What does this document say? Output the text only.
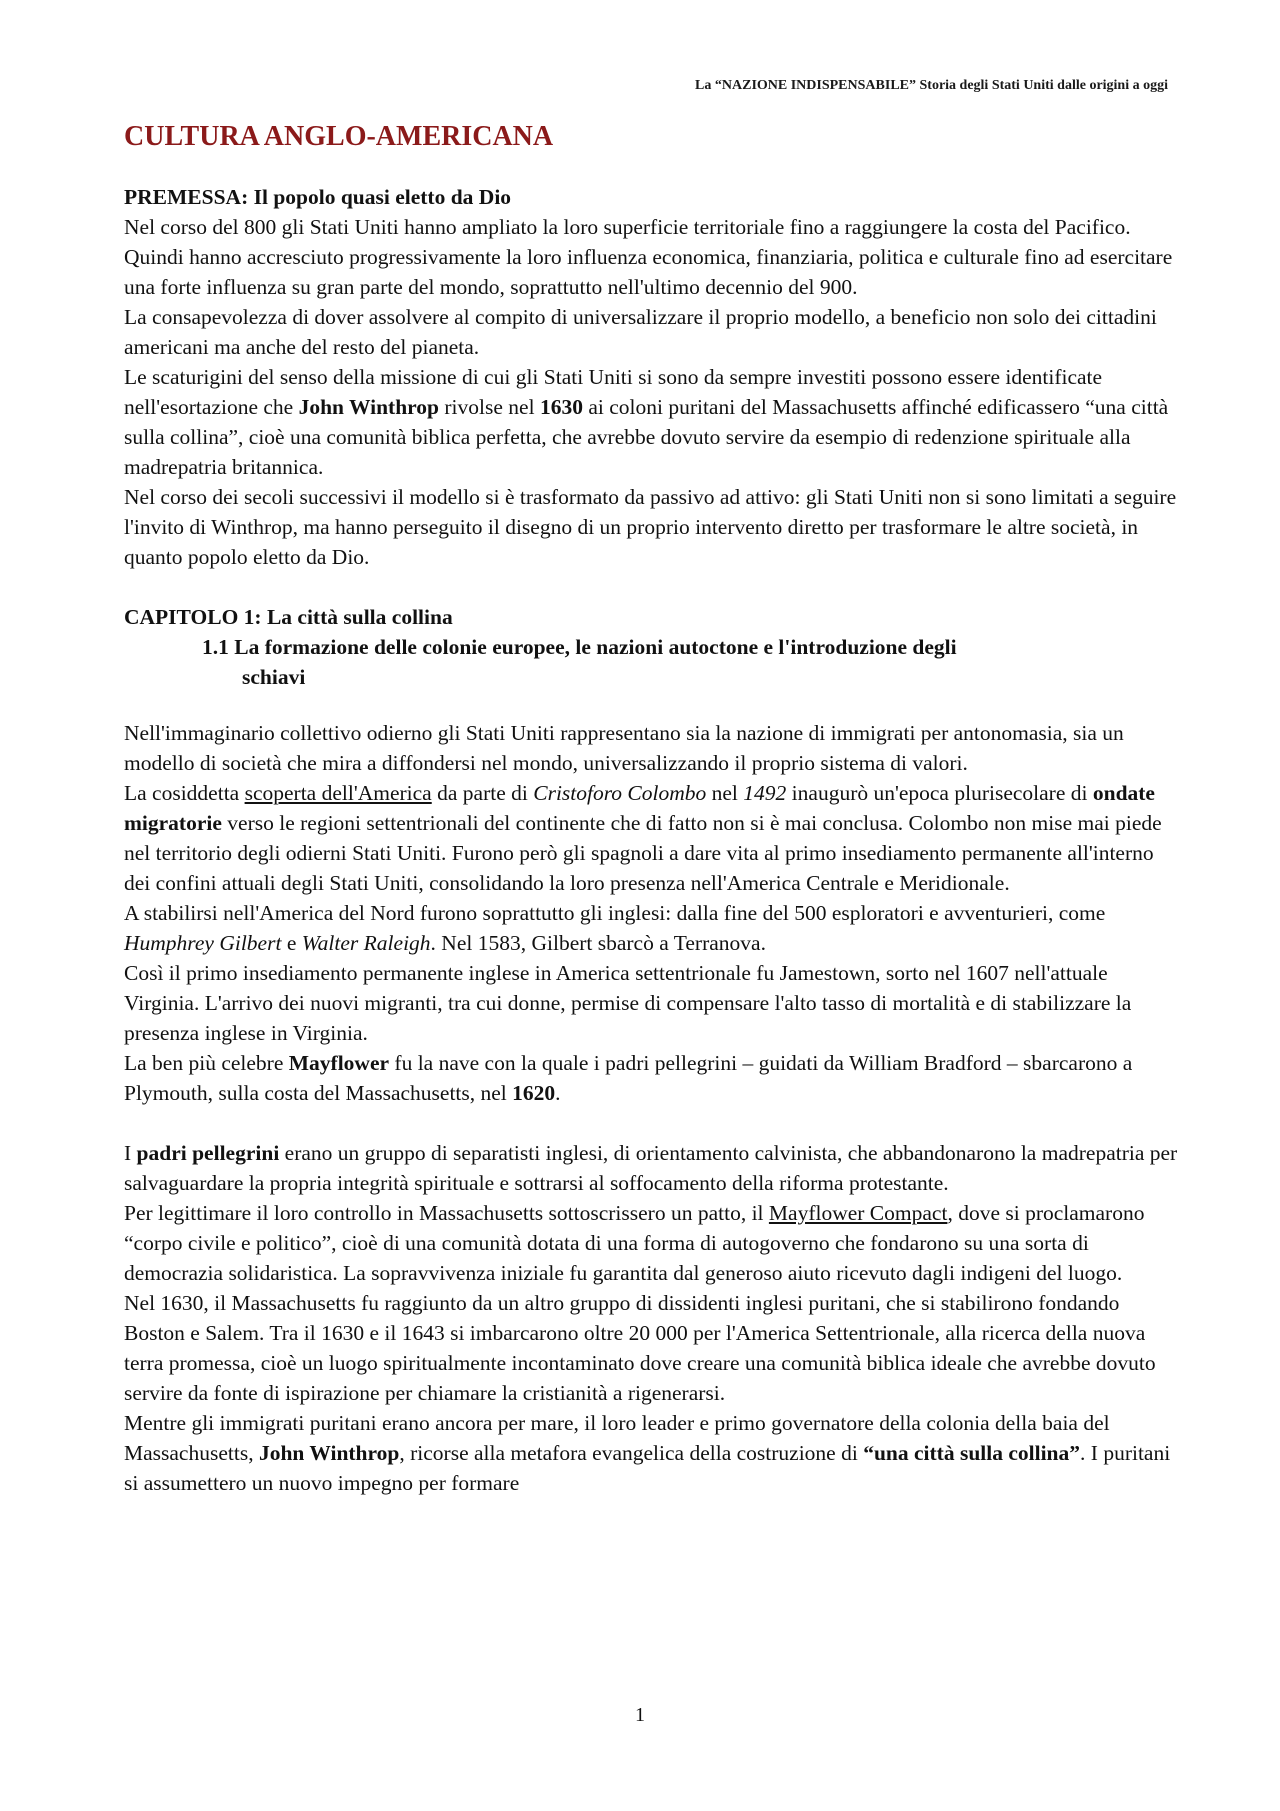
La “NAZIONE INDISPENSABILE” Storia degli Stati Uniti dalle origini a oggi
CULTURA ANGLO-AMERICANA
PREMESSA: Il popolo quasi eletto da Dio

Nel corso del 800 gli Stati Uniti hanno ampliato la loro superficie territoriale fino a raggiungere la costa del Pacifico. Quindi hanno accresciuto progressivamente la loro influenza economica, finanziaria, politica e culturale fino ad esercitare una forte influenza su gran parte del mondo, soprattutto nell'ultimo decennio del 900.

La consapevolezza di dover assolvere al compito di universalizzare il proprio modello, a beneficio non solo dei cittadini americani ma anche del resto del pianeta.

Le scaturigini del senso della missione di cui gli Stati Uniti si sono da sempre investiti possono essere identificate nell'esortazione che John Winthrop rivolse nel 1630 ai coloni puritani del Massachusetts affinché edificassero “una città sulla collina”, cioè una comunità biblica perfetta, che avrebbe dovuto servire da esempio di redenzione spirituale alla madrepatria britannica.

Nel corso dei secoli successivi il modello si è trasformato da passivo ad attivo: gli Stati Uniti non si sono limitati a seguire l'invito di Winthrop, ma hanno perseguito il disegno di un proprio intervento diretto per trasformare le altre società, in quanto popolo eletto da Dio.

CAPITOLO 1: La città sulla collina
1.1 La formazione delle colonie europee, le nazioni autoctone e l'introduzione degli
schiavi

Nell'immaginario collettivo odierno gli Stati Uniti rappresentano sia la nazione di immigrati per antonomasia, sia un modello di società che mira a diffondersi nel mondo, universalizzando il proprio sistema di valori.

La cosiddetta scoperta dell'America da parte di Cristoforo Colombo nel 1492 inaugurò un'epoca plurisecolare di ondate migratorie verso le regioni settentrionali del continente che di fatto non si è mai conclusa. Colombo non mise mai piede nel territorio degli odierni Stati Uniti. Furono però gli spagnoli a dare vita al primo insediamento permanente all'interno dei confini attuali degli Stati Uniti, consolidando la loro presenza nell'America Centrale e Meridionale.

A stabilirsi nell'America del Nord furono soprattutto gli inglesi: dalla fine del 500 esploratori e avventurieri, come Humphrey Gilbert e Walter Raleigh. Nel 1583, Gilbert sbarcò a Terranova.

Così il primo insediamento permanente inglese in America settentrionale fu Jamestown, sorto nel 1607 nell'attuale Virginia. L'arrivo dei nuovi migranti, tra cui donne, permise di compensare l'alto tasso di mortalità e di stabilizzare la presenza inglese in Virginia.

La ben più celebre Mayflower fu la nave con la quale i padri pellegrini – guidati da William Bradford – sbarcarono a Plymouth, sulla costa del Massachusetts, nel 1620.

I padri pellegrini erano un gruppo di separatisti inglesi, di orientamento calvinista, che abbandonarono la madrepatria per salvaguardare la propria integrità spirituale e sottrarsi al soffocamento della riforma protestante.

Per legittimare il loro controllo in Massachusetts sottoscrissero un patto, il Mayflower Compact, dove si proclamarono “corpo civile e politico”, cioè di una comunità dotata di una forma di autogoverno che fondarono su una sorta di democrazia solidaristica. La sopravvivenza iniziale fu garantita dal generoso aiuto ricevuto dagli indigeni del luogo.

Nel 1630, il Massachusetts fu raggiunto da un altro gruppo di dissidenti inglesi puritani, che si stabilirono fondando Boston e Salem. Tra il 1630 e il 1643 si imbarcarono oltre 20 000 per l'America Settentrionale, alla ricerca della nuova terra promessa, cioè un luogo spiritualmente incontaminato dove creare una comunità biblica ideale che avrebbe dovuto servire da fonte di ispirazione per chiamare la cristianità a rigenerarsi.

Mentre gli immigrati puritani erano ancora per mare, il loro leader e primo governatore della colonia della baia del Massachusetts, John Winthrop, ricorse alla metafora evangelica della costruzione di “una città sulla collina”. I puritani si assumettero un nuovo impegno per formare

1
